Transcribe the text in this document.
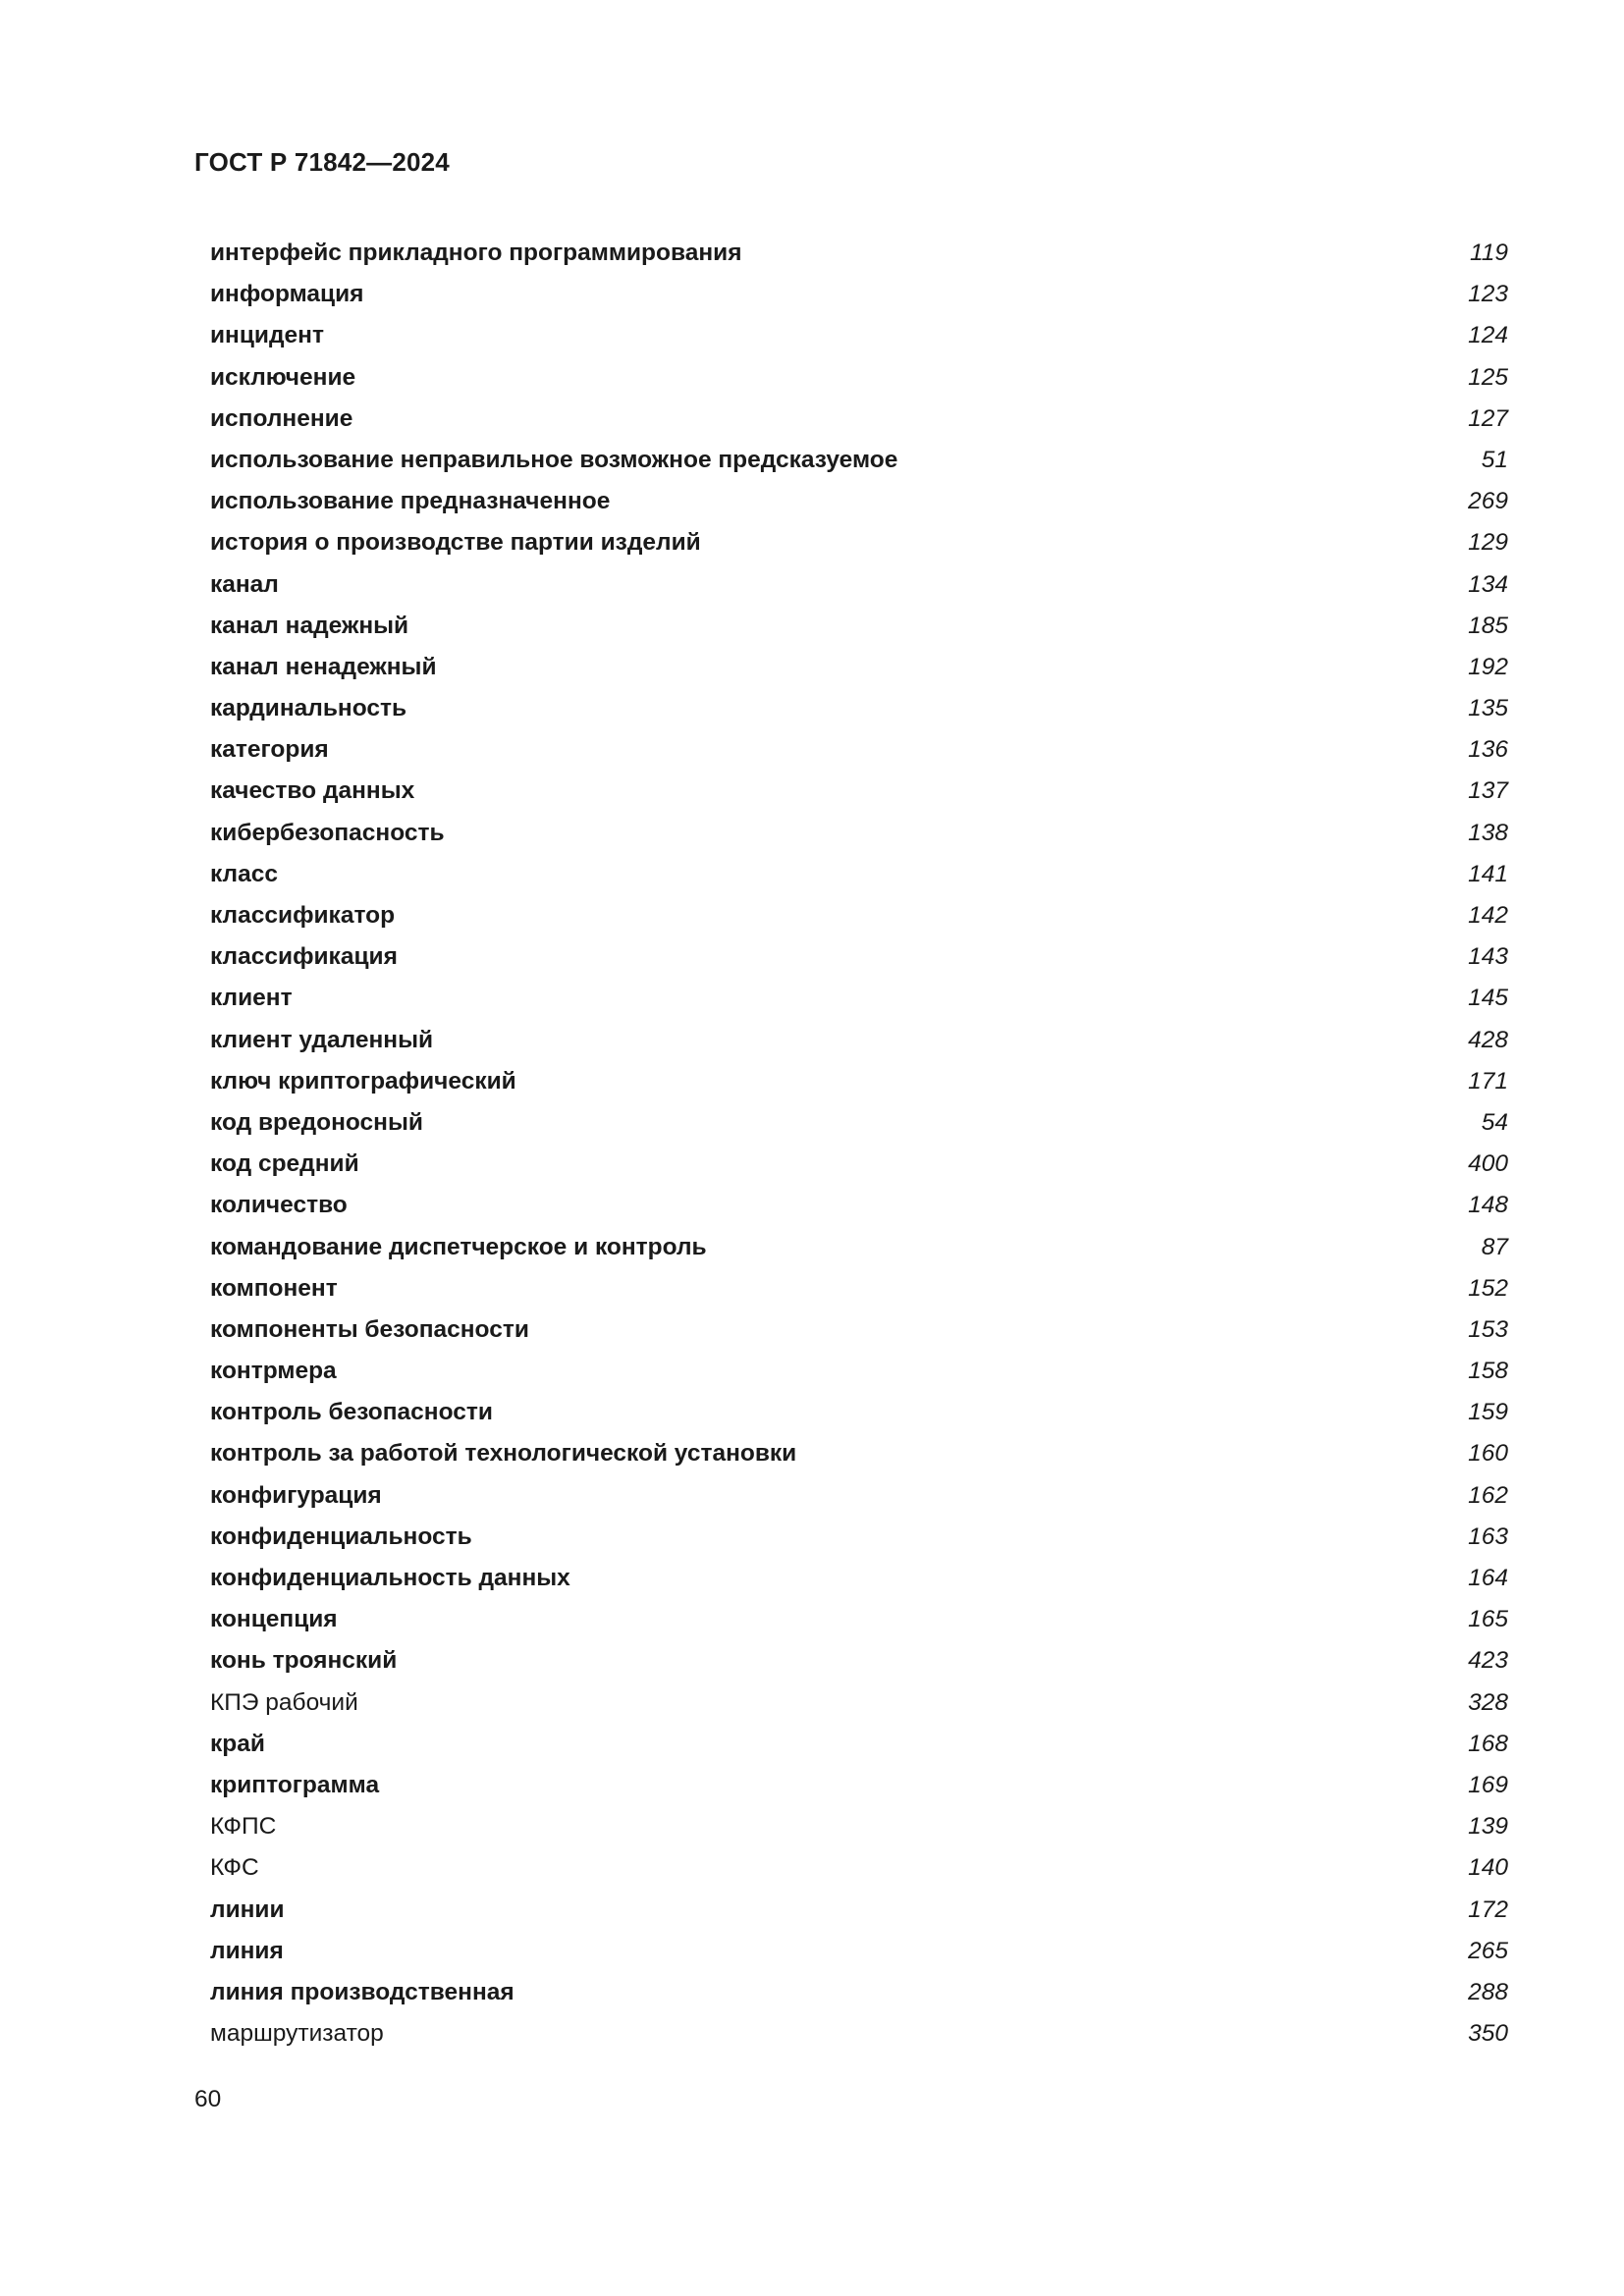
ГОСТ Р 71842—2024
интерфейс прикладного программирования	119
информация	123
инцидент	124
исключение	125
исполнение	127
использование неправильное возможное предсказуемое	51
использование предназначенное	269
история о производстве партии изделий	129
канал	134
канал надежный	185
канал ненадежный	192
кардинальность	135
категория	136
качество данных	137
кибербезопасность	138
класс	141
классификатор	142
классификация	143
клиент	145
клиент удаленный	428
ключ криптографический	171
код вредоносный	54
код средний	400
количество	148
командование диспетчерское и контроль	87
компонент	152
компоненты безопасности	153
контрмера	158
контроль безопасности	159
контроль за работой технологической установки	160
конфигурация	162
конфиденциальность	163
конфиденциальность данных	164
концепция	165
конь троянский	423
КПЭ рабочий	328
край	168
криптограмма	169
КФПС	139
КФС	140
линии	172
линия	265
линия производственная	288
маршрутизатор	350
60
